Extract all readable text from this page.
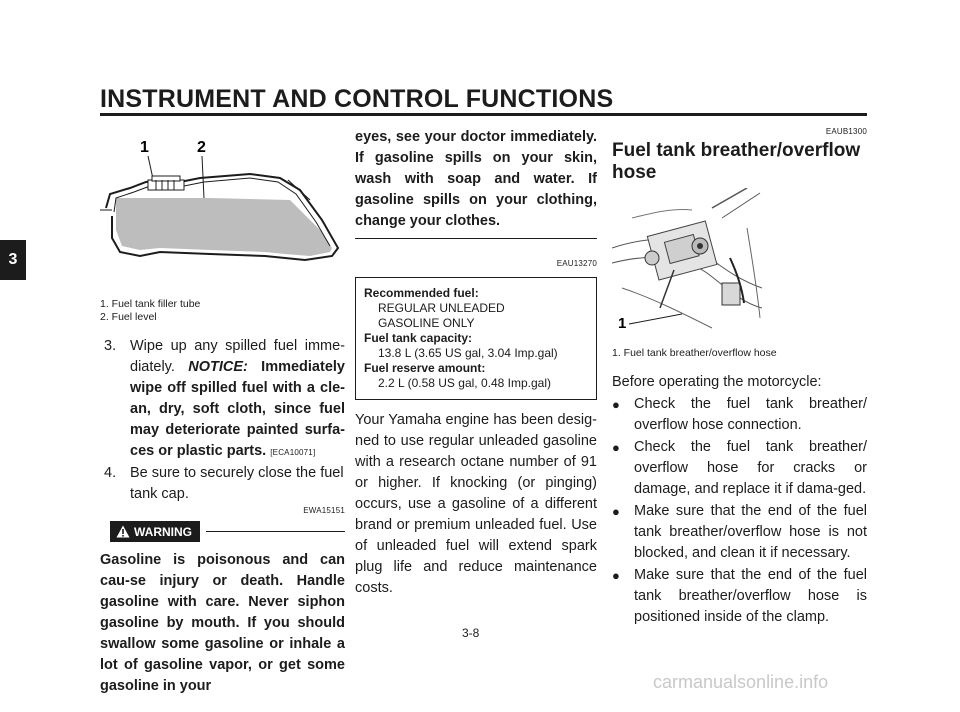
INSTRUMENT AND CONTROL FUNCTIONS
3
1	2
1. Fuel tank filler tube
2. Fuel level
3. Wipe up any spilled fuel imme-diately. NOTICE: Immediately wipe off spilled fuel with a cle-an, dry, soft cloth, since fuel may deteriorate painted surfa-ces or plastic parts. [ECA10071]
4. Be sure to securely close the fuel tank cap.
EWA15151
WARNING
Gasoline is poisonous and can cau-se injury or death. Handle gasoline with care. Never siphon gasoline by mouth. If you should swallow some gasoline or inhale a lot of gasoline vapor, or get some gasoline in your
eyes, see your doctor immediately. If gasoline spills on your skin, wash with soap and water. If gasoline spills on your clothing, change your clothes.
EAU13270
Recommended fuel:
REGULAR UNLEADED
GASOLINE ONLY
Fuel tank capacity:
13.8 L (3.65 US gal, 3.04 Imp.gal)
Fuel reserve amount:
2.2 L (0.58 US gal, 0.48 Imp.gal)
Your Yamaha engine has been desig-ned to use regular unleaded gasoline with a research octane number of 91 or higher. If knocking (or pinging) occurs, use a gasoline of a different brand or premium unleaded fuel. Use of unleaded fuel will extend spark plug life and reduce maintenance costs.
EAUB1300
Fuel tank breather/overflow hose
1
1. Fuel tank breather/overflow hose
Before operating the motorcycle:
● Check the fuel tank breather/ overflow hose connection.
● Check the fuel tank breather/ overflow hose for cracks or damage, and replace it if dama-ged.
● Make sure that the end of the fuel tank breather/overflow hose is not blocked, and clean it if necessary.
● Make sure that the end of the fuel tank breather/overflow hose is positioned inside of the clamp.
3-8
carmanualsonline.info
